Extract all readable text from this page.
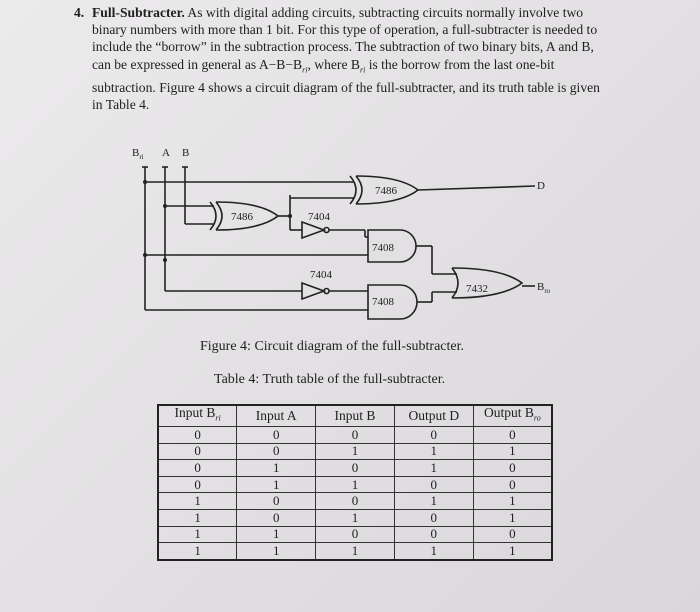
4. Full-Subtracter. As with digital adding circuits, subtracting circuits normally involve two binary numbers with more than 1 bit. For this type of operation, a full-subtracter is needed to include the “borrow” in the subtraction process. The subtraction of two binary bits, A and B, can be expressed in general as $A-B-B_{ri}$, where $B_{ri}$ is the borrow from the last one-bit subtraction. Figure 4 shows a circuit diagram of the full-subtracter, and its truth table is given in Table 4.
$B_{ri}$ A B
7486
7486	7404
7408
7404
7408
7432
D
$B_{ro}$
Figure 4: Circuit diagram of the full-subtracter.
Table 4: Truth table of the full-subtracter.
Input $B_{ri}$	Input A	Input B	Output D	Output $B_{ro}$
0	0	0	0	0
0	0	1	1	1
0	1	0	1	0
0	1	1	0	0
1	0	0	1	1
1	0	1	0	1
1	1	0	0	0
1	1	1	1	1
